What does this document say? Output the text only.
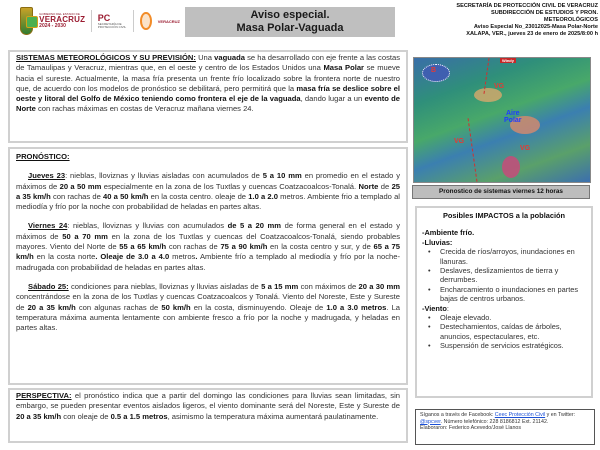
GOBIERNO DEL ESTADO DE
VERACRUZ
2024 - 2030
PC
SECRETARÍA DE PROTECCIÓN CIVIL
VERACRUZ	Aviso especial.
Masa Polar-Vaguada
SECRETARÍA DE PROTECCIÓN CIVIL DE VERACRUZ
SUBDIRECCIÓN DE ESTUDIOS Y PRON.
METEOROLÓGICOS
Aviso Especial No_23012025-Masa Polar-Norte
XALAPA, VER., jueves 23 de enero de 2025/8:00 h
SISTEMAS METEOROLÓGICOS Y SU PREVISIÓN: Una vaguada se ha desarrollado con eje frente a las costas de Tamaulipas y Veracruz, mientras que, en el oeste y centro de los Estados Unidos una Masa Polar se mueve hacia el sureste. Actualmente, la masa fría presenta un frente frío localizado sobre la frontera norte de nuestro que, de acuerdo con los modelos de pronóstico se debilitará, pero permitirá que la masa fría se deslice sobre el oeste y litoral del Golfo de México teniendo como frontera el eje de la vaguada, dando lugar a un evento de Norte con rachas máximas en costas de Veracruz mañana viernes 24.
PRONÓSTICO:

Jueves 23: nieblas, lloviznas y lluvias aisladas con acumulados de 5 a 10 mm en promedio en el estado y máximos de 20 a 50 mm especialmente en la zona de los Tuxtlas y cuencas Coatzacoalcos-Tonalá. Norte de 25 a 35 km/h con rachas de 40 a 50 km/h en la costa centro. oleaje de 1.0 a 2.0 metros. Ambiente frio a templado al mediodía y frío por la noche con probabilidad de heladas en partes altas.

Viernes 24: nieblas, lloviznas y lluvias con acumulados de 5 a 20 mm de forma general en el estado y máximos de 50 a 70 mm en la zona de los Tuxtlas y cuencas del Coatzacoalcos-Tonalá, siendo probables mayores. Viento del Norte de 55 a 65 km/h con rachas de 75 a 90 km/h en la costa centro y sur, y de 65 a 75 km/h en la costa norte. Oleaje de 3.0 a 4.0 metros. Ambiente frío a templado al mediodía y frío por la noche-madrugada con probabilidad de heladas en partes altas.

Sábado 25: condiciones para nieblas, lloviznas y lluvias aisladas de 5 a 15 mm con máximos de 20 a 30 mm concentrándose en la zona de los Tuxtlas y cuencas Coatzacoalcos y Tonalá. Viento del Noreste, Este y Sureste de 20 a 35 km/h con algunas rachas de 50 km/h en la costa, disminuyendo. Oleaje de 1.0 a 3.0 metros. La temperatura máxima aumenta lentamente con ambiente fresco a frío por la noche y madrugada, y heladas en partes altas.

PERSPECTIVA: el pronóstico indica que a partir del domingo las condiciones para lluvias sean limitadas, sin embargo, se pueden presentar eventos aislados ligeros, el viento dominante será del Noreste, Este y Sureste de 20 a 35 km/h con oleaje de 0.5 a 1.5 metros, asimismo la temperatura máxima aumentará paulatinamente.
B
Windy
VG
VG
VG
Aire
Polar
Pronostico de sistemas viernes 12 horas
Posibles IMPACTOS a la población
-Ambiente frío.
-Lluvias:
• Crecida de ríos/arroyos, inundaciones en llanuras.
• Deslaves, deslizamientos de tierra y derrumbes.
• Encharcamiento o inundaciones en partes bajas de centros urbanos.
-Viento:
• Oleaje elevado.
• Destechamientos, caídas de árboles, anuncios, espectaculares, etc.
• Suspensión de servicios estratégicos.
Síganos a través de Facebook: Ceec Protección Civil y en Twitter: @spcver. Número telefónico: 228 8186812 Ext. 21142.
Elaboraron: Federico Acevedo/José Llanos
